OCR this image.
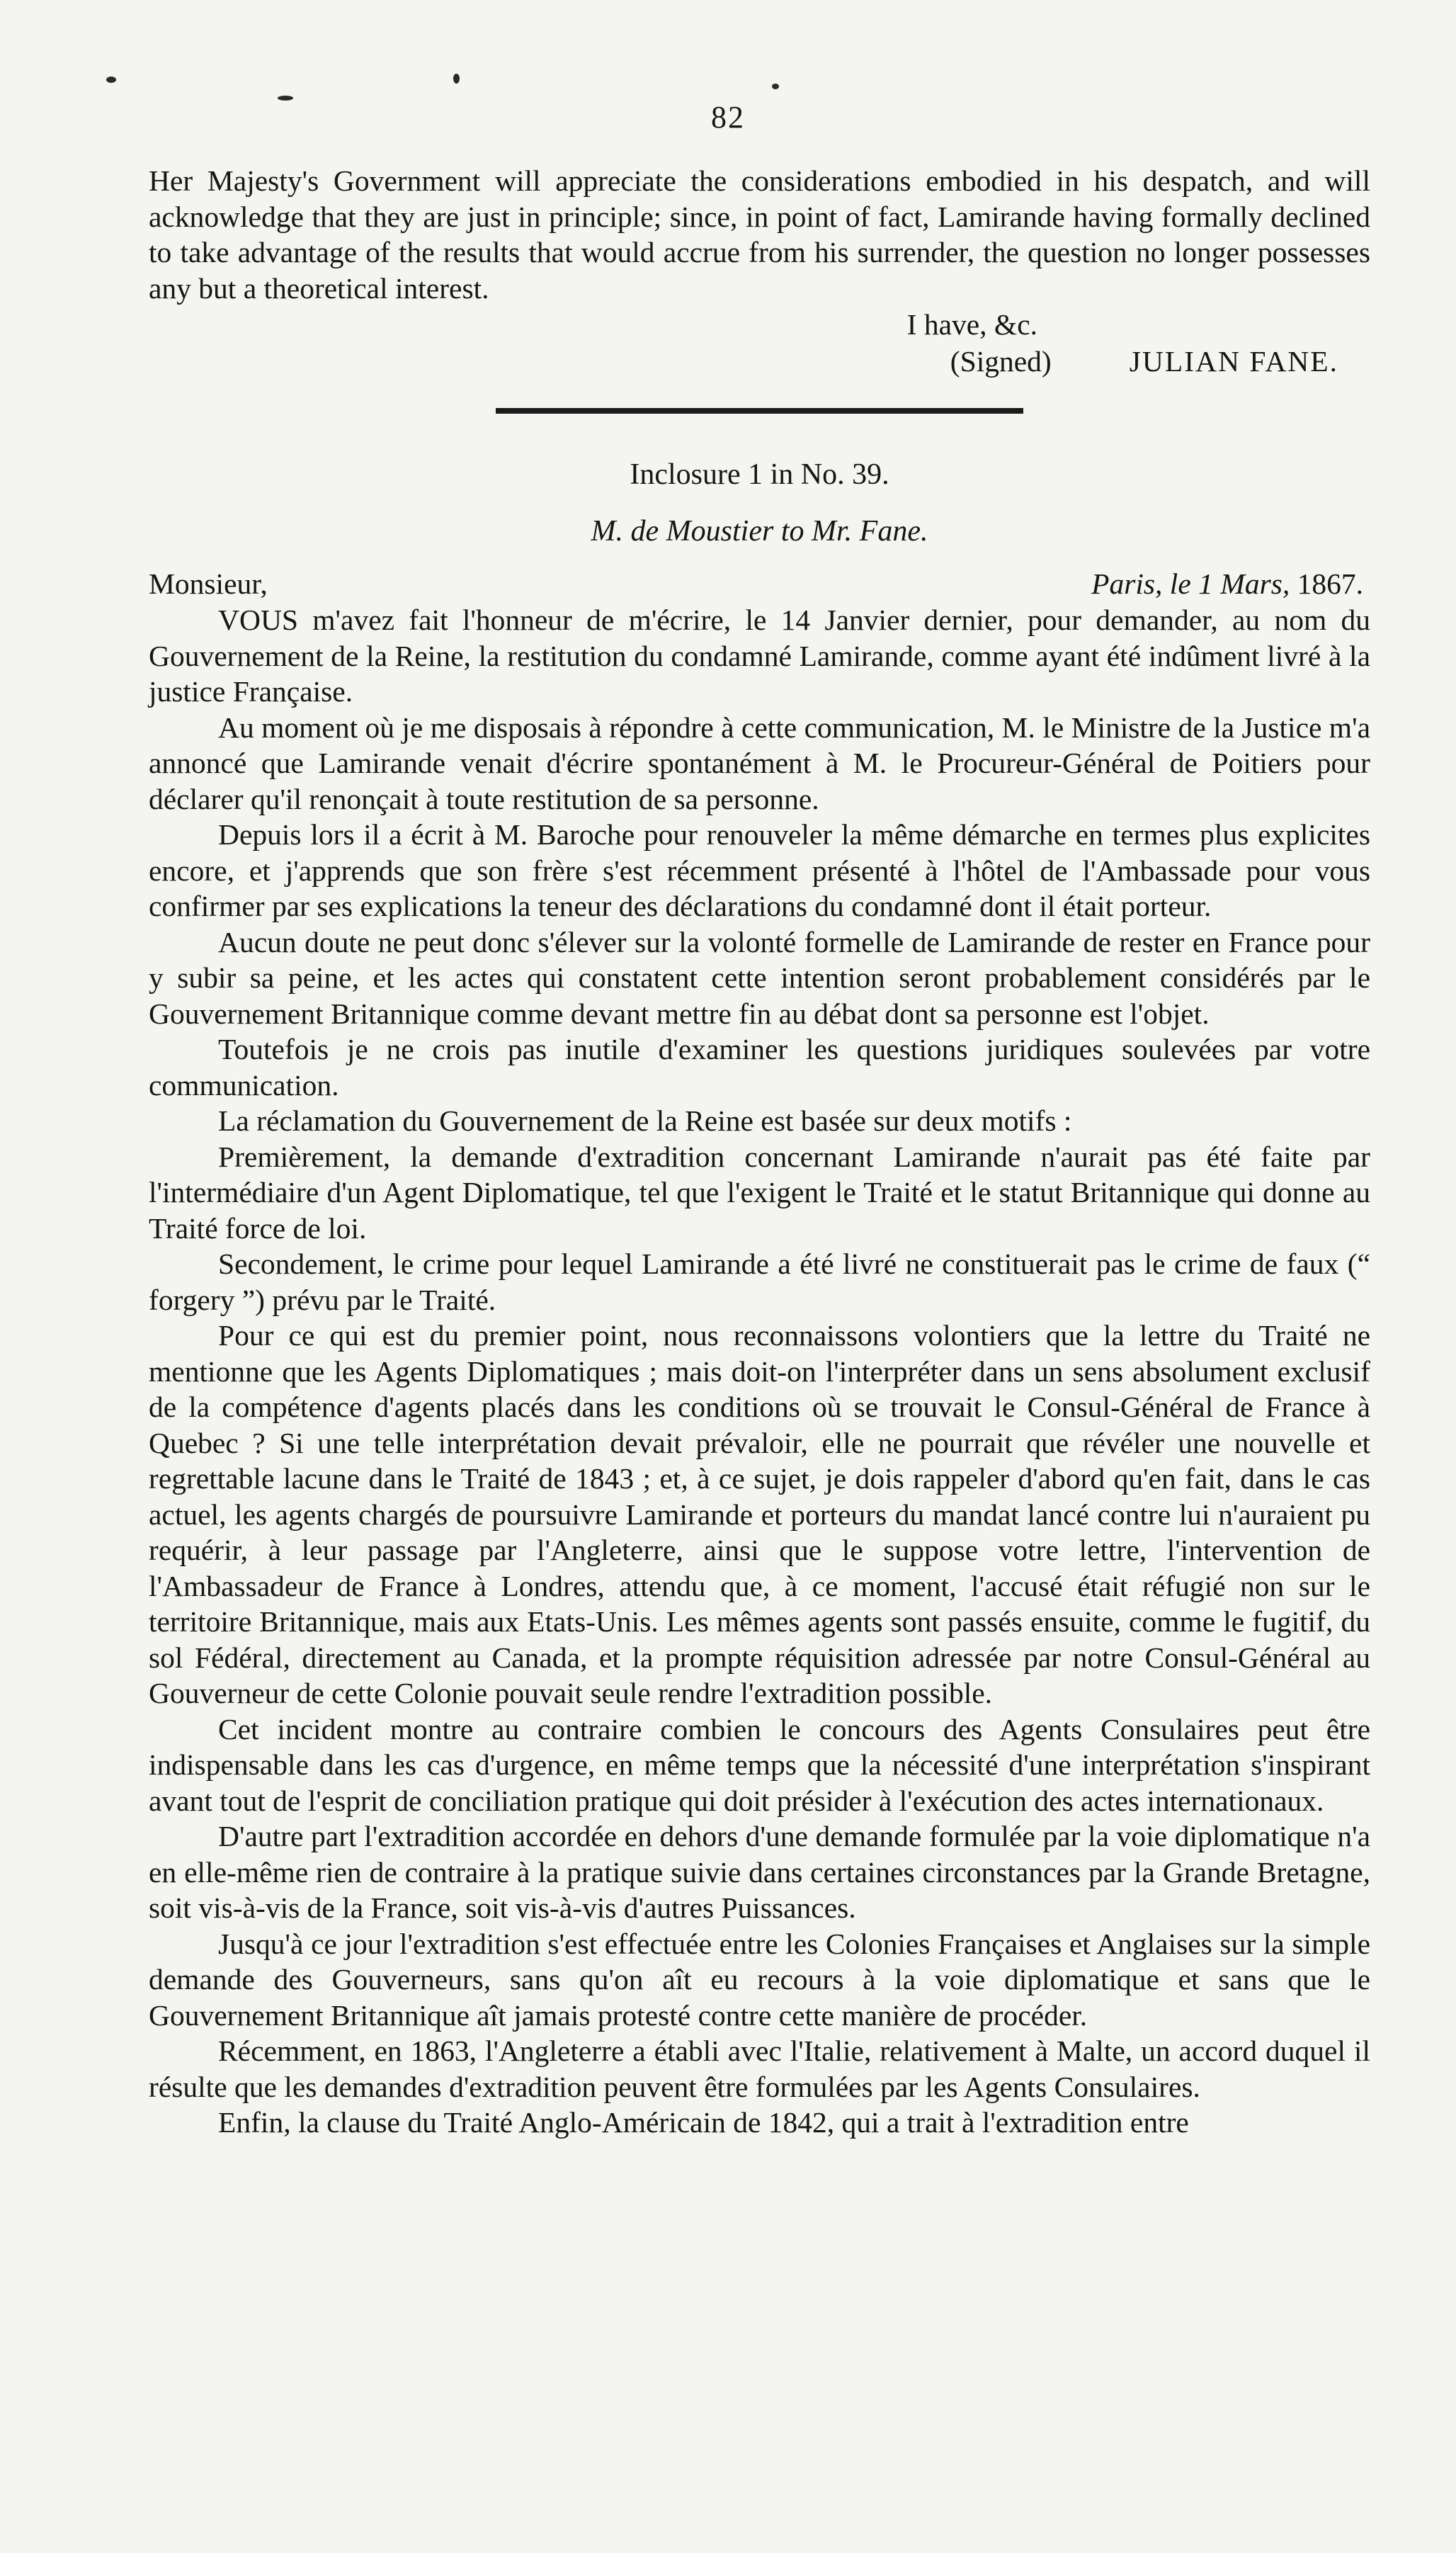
82

Her Majesty's Government will appreciate the considerations embodied in his despatch, and will acknowledge that they are just in principle; since, in point of fact, Lamirande having formally declined to take advantage of the results that would accrue from his surrender, the question no longer possesses any but a theoretical interest.

I have, &c.
(Signed)	JULIAN FANE.
Inclosure 1 in No. 39.
M. de Moustier to Mr. Fane.
Monsieur,	Paris, le 1 Mars, 1867.

VOUS m'avez fait l'honneur de m'écrire, le 14 Janvier dernier, pour demander, au nom du Gouvernement de la Reine, la restitution du condamné Lamirande, comme ayant été indûment livré à la justice Française.

Au moment où je me disposais à répondre à cette communication, M. le Ministre de la Justice m'a annoncé que Lamirande venait d'écrire spontanément à M. le Procureur-Général de Poitiers pour déclarer qu'il renonçait à toute restitution de sa personne.

Depuis lors il a écrit à M. Baroche pour renouveler la même démarche en termes plus explicites encore, et j'apprends que son frère s'est récemment présenté à l'hôtel de l'Ambassade pour vous confirmer par ses explications la teneur des déclarations du condamné dont il était porteur.

Aucun doute ne peut donc s'élever sur la volonté formelle de Lamirande de rester en France pour y subir sa peine, et les actes qui constatent cette intention seront probablement considérés par le Gouvernement Britannique comme devant mettre fin au débat dont sa personne est l'objet.

Toutefois je ne crois pas inutile d'examiner les questions juridiques soulevées par votre communication.

La réclamation du Gouvernement de la Reine est basée sur deux motifs :

Premièrement, la demande d'extradition concernant Lamirande n'aurait pas été faite par l'intermédiaire d'un Agent Diplomatique, tel que l'exigent le Traité et le statut Britannique qui donne au Traité force de loi.

Secondement, le crime pour lequel Lamirande a été livré ne constituerait pas le crime de faux (“ forgery ”) prévu par le Traité.

Pour ce qui est du premier point, nous reconnaissons volontiers que la lettre du Traité ne mentionne que les Agents Diplomatiques ; mais doit-on l'interpréter dans un sens absolument exclusif de la compétence d'agents placés dans les conditions où se trouvait le Consul-Général de France à Quebec ? Si une telle interprétation devait prévaloir, elle ne pourrait que révéler une nouvelle et regrettable lacune dans le Traité de 1843 ; et, à ce sujet, je dois rappeler d'abord qu'en fait, dans le cas actuel, les agents chargés de poursuivre Lamirande et porteurs du mandat lancé contre lui n'auraient pu requérir, à leur passage par l'Angleterre, ainsi que le suppose votre lettre, l'intervention de l'Ambassadeur de France à Londres, attendu que, à ce moment, l'accusé était réfugié non sur le territoire Britannique, mais aux Etats-Unis. Les mêmes agents sont passés ensuite, comme le fugitif, du sol Fédéral, directement au Canada, et la prompte réquisition adressée par notre Consul-Général au Gouverneur de cette Colonie pouvait seule rendre l'extradition possible.

Cet incident montre au contraire combien le concours des Agents Consulaires peut être indispensable dans les cas d'urgence, en même temps que la nécessité d'une interprétation s'inspirant avant tout de l'esprit de conciliation pratique qui doit présider à l'exécution des actes internationaux.

D'autre part l'extradition accordée en dehors d'une demande formulée par la voie diplomatique n'a en elle-même rien de contraire à la pratique suivie dans certaines circonstances par la Grande Bretagne, soit vis-à-vis de la France, soit vis-à-vis d'autres Puissances.

Jusqu'à ce jour l'extradition s'est effectuée entre les Colonies Françaises et Anglaises sur la simple demande des Gouverneurs, sans qu'on aît eu recours à la voie diplomatique et sans que le Gouvernement Britannique aît jamais protesté contre cette manière de procéder.

Récemment, en 1863, l'Angleterre a établi avec l'Italie, relativement à Malte, un accord duquel il résulte que les demandes d'extradition peuvent être formulées par les Agents Consulaires.

Enfin, la clause du Traité Anglo-Américain de 1842, qui a trait à l'extradition entre
